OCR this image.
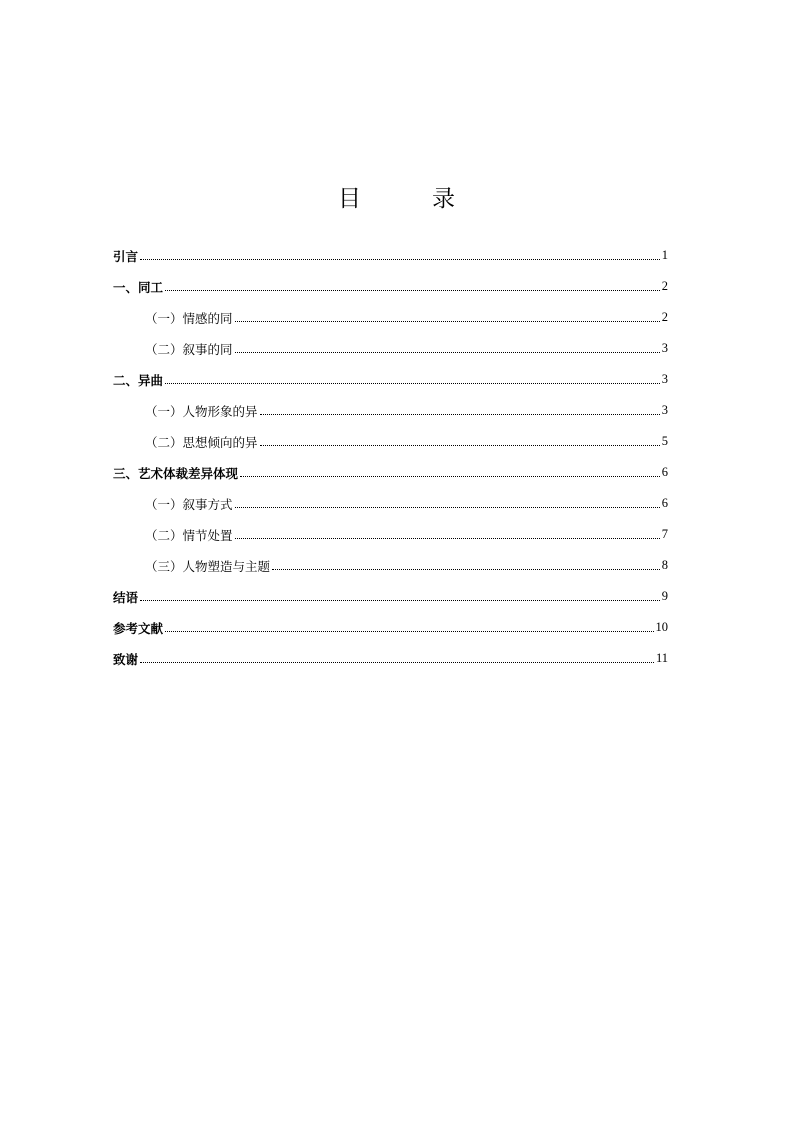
目　录
引言	1
一、同工	2
（一）情感的同	2
（二）叙事的同	3
二、异曲	3
（一）人物形象的异	3
（二）思想倾向的异	5
三、艺术体裁差异体现	6
（一）叙事方式	6
（二）情节处置	7
（三）人物塑造与主题	8
结语	9
参考文献	10
致谢	11
